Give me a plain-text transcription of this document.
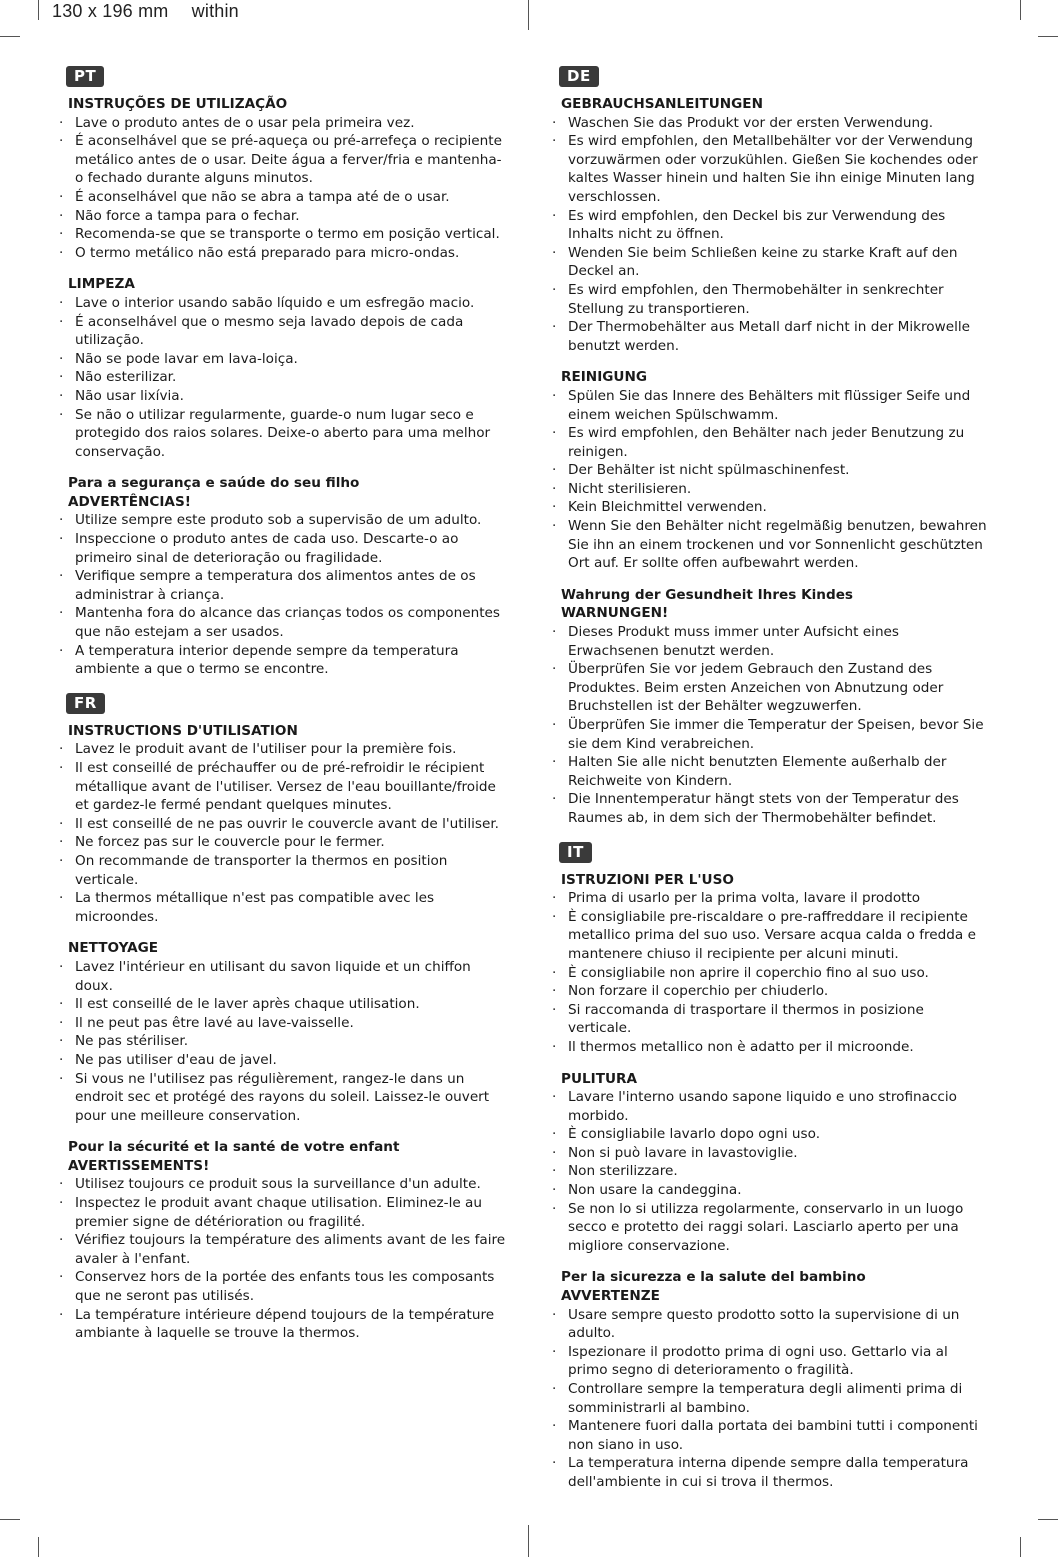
130 x 196 mm within
PT
INSTRUÇÕES DE UTILIZAÇÃO
· Lave o produto antes de o usar pela primeira vez.
· É aconselhável que se pré-aqueça ou pré-arrefeça o recipiente metálico antes de o usar. Deite água a ferver/fria e mantenha-o fechado durante alguns minutos.
· É aconselhável que não se abra a tampa até de o usar.
· Não force a tampa para o fechar.
· Recomenda-se que se transporte o termo em posição vertical.
· O termo metálico não está preparado para micro-ondas.
LIMPEZA
· Lave o interior usando sabão líquido e um esfregão macio.
· É aconselhável que o mesmo seja lavado depois de cada utilização.
· Não se pode lavar em lava-loiça.
· Não esterilizar.
· Não usar lixívia.
· Se não o utilizar regularmente, guarde-o num lugar seco e protegido dos raios solares. Deixe-o aberto para uma melhor conservação.
Para a segurança e saúde do seu filho
ADVERTÊNCIAS!
· Utilize sempre este produto sob a supervisão de um adulto.
· Inspeccione o produto antes de cada uso. Descarte-o ao primeiro sinal de deterioração ou fragilidade.
· Verifique sempre a temperatura dos alimentos antes de os administrar à criança.
· Mantenha fora do alcance das crianças todos os componentes que não estejam a ser usados.
· A temperatura interior depende sempre da temperatura ambiente a que o termo se encontre.
FR
INSTRUCTIONS D'UTILISATION
· Lavez le produit avant de l'utiliser pour la première fois.
· Il est conseillé de préchauffer ou de pré-refroidir le récipient métallique avant de l'utiliser. Versez de l'eau bouillante/froide et gardez-le fermé pendant quelques minutes.
· Il est conseillé de ne pas ouvrir le couvercle avant de l'utiliser.
· Ne forcez pas sur le couvercle pour le fermer.
· On recommande de transporter la thermos en position verticale.
· La thermos métallique n'est pas compatible avec les microondes.
NETTOYAGE
· Lavez l'intérieur en utilisant du savon liquide et un chiffon doux.
· Il est conseillé de le laver après chaque utilisation.
· Il ne peut pas être lavé au lave-vaisselle.
· Ne pas stériliser.
· Ne pas utiliser d'eau de javel.
· Si vous ne l'utilisez pas régulièrement, rangez-le dans un endroit sec et protégé des rayons du soleil. Laissez-le ouvert pour une meilleure conservation.
Pour la sécurité et la santé de votre enfant
AVERTISSEMENTS!
· Utilisez toujours ce produit sous la surveillance d'un adulte.
· Inspectez le produit avant chaque utilisation. Eliminez-le au premier signe de détérioration ou fragilité.
· Vérifiez toujours la température des aliments avant de les faire avaler à l'enfant.
· Conservez hors de la portée des enfants tous les composants que ne seront pas utilisés.
· La température intérieure dépend toujours de la température ambiante à laquelle se trouve la thermos.
DE
GEBRAUCHSANLEITUNGEN
· Waschen Sie das Produkt vor der ersten Verwendung.
· Es wird empfohlen, den Metallbehälter vor der Verwendung vorzuwärmen oder vorzukühlen. Gießen Sie kochendes oder kaltes Wasser hinein und halten Sie ihn einige Minuten lang verschlossen.
· Es wird empfohlen, den Deckel bis zur Verwendung des Inhalts nicht zu öffnen.
· Wenden Sie beim Schließen keine zu starke Kraft auf den Deckel an.
· Es wird empfohlen, den Thermobehälter in senkrechter Stellung zu transportieren.
· Der Thermobehälter aus Metall darf nicht in der Mikrowelle benutzt werden.
REINIGUNG
· Spülen Sie das Innere des Behälters mit flüssiger Seife und einem weichen Spülschwamm.
· Es wird empfohlen, den Behälter nach jeder Benutzung zu reinigen.
· Der Behälter ist nicht spülmaschinenfest.
· Nicht sterilisieren.
· Kein Bleichmittel verwenden.
· Wenn Sie den Behälter nicht regelmäßig benutzen, bewahren Sie ihn an einem trockenen und vor Sonnenlicht geschützten Ort auf. Er sollte offen aufbewahrt werden.
Wahrung der Gesundheit Ihres Kindes
WARNUNGEN!
· Dieses Produkt muss immer unter Aufsicht eines Erwachsenen benutzt werden.
· Überprüfen Sie vor jedem Gebrauch den Zustand des Produktes. Beim ersten Anzeichen von Abnutzung oder Bruchstellen ist der Behälter wegzuwerfen.
· Überprüfen Sie immer die Temperatur der Speisen, bevor Sie sie dem Kind verabreichen.
· Halten Sie alle nicht benutzten Elemente außerhalb der Reichweite von Kindern.
· Die Innentemperatur hängt stets von der Temperatur des Raumes ab, in dem sich der Thermobehälter befindet.
IT
ISTRUZIONI PER L'USO
· Prima di usarlo per la prima volta, lavare il prodotto
· È consigliabile pre-riscaldare o pre-raffreddare il recipiente metallico prima del suo uso. Versare acqua calda o fredda e mantenere chiuso il recipiente per alcuni minuti.
· È consigliabile non aprire il coperchio fino al suo uso.
· Non forzare il coperchio per chiuderlo.
· Si raccomanda di trasportare il thermos in posizione verticale.
· Il thermos metallico non è adatto per il microonde.
PULITURA
· Lavare l'interno usando sapone liquido e uno strofinaccio morbido.
· È consigliabile lavarlo dopo ogni uso.
· Non si può lavare in lavastoviglie.
· Non sterilizzare.
· Non usare la candeggina.
· Se non lo si utilizza regolarmente, conservarlo in un luogo secco e protetto dei raggi solari. Lasciarlo aperto per una migliore conservazione.
Per la sicurezza e la salute del bambino
AVVERTENZE
· Usare sempre questo prodotto sotto la supervisione di un adulto.
· Ispezionare il prodotto prima di ogni uso. Gettarlo via al primo segno di deterioramento o fragilità.
· Controllare sempre la temperatura degli alimenti prima di somministrarli al bambino.
· Mantenere fuori dalla portata dei bambini tutti i componenti non siano in uso.
· La temperatura interna dipende sempre dalla temperatura dell'ambiente in cui si trova il thermos.
